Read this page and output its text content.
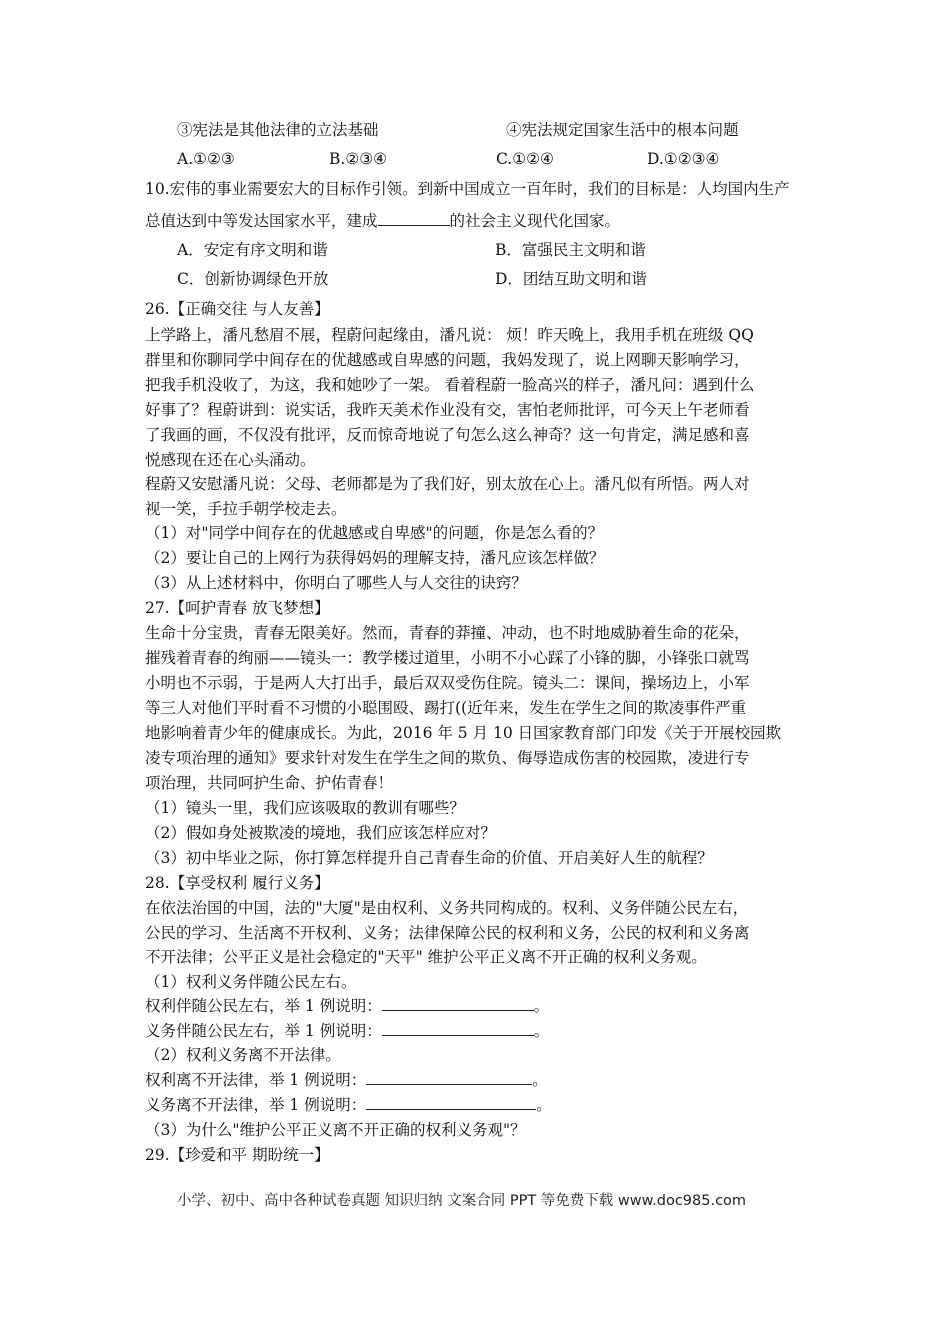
③宪法是其他法律的立法基础	④宪法规定国家生活中的根本问题
A.①②③	B.②③④	C.①②④	D.①②③④
10.宏伟的事业需要宏大的目标作引领。到新中国成立一百年时，我们的目标是：人均国内生产
总值达到中等发达国家水平，建成	的社会主义现代化国家。
A．安定有序文明和谐	B．富强民主文明和谐
C．创新协调绿色开放	D．团结互助文明和谐
26.【正确交往 与人友善】
上学路上，潘凡愁眉不展，程蔚问起缘由，潘凡说： 烦！昨天晚上，我用手机在班级 QQ
群里和你聊同学中间存在的优越感或自卑感的问题，我妈发现了，说上网聊天影响学习，
把我手机没收了，为这，我和她吵了一架。 看着程蔚一脸高兴的样子，潘凡问：遇到什么
好事了？程蔚讲到：说实话，我昨天美术作业没有交，害怕老师批评，可今天上午老师看
了我画的画，不仅没有批评，反而惊奇地说了句怎么这么神奇？这一句肯定，满足感和喜
悦感现在还在心头涌动。
程蔚又安慰潘凡说：父母、老师都是为了我们好，别太放在心上。潘凡似有所悟。两人对
视一笑，手拉手朝学校走去。
（1）对"同学中间存在的优越感或自卑感"的问题，你是怎么看的？
（2）要让自己的上网行为获得妈妈的理解支持，潘凡应该怎样做？
（3）从上述材料中，你明白了哪些人与人交往的诀窍？
27.【呵护青春 放飞梦想】
生命十分宝贵，青春无限美好。然而，青春的莽撞、冲动，也不时地威胁着生命的花朵，
摧残着青春的绚丽——镜头一：教学楼过道里，小明不小心踩了小锋的脚，小锋张口就骂
小明也不示弱，于是两人大打出手，最后双双受伤住院。镜头二：课间，操场边上，小军
等三人对他们平时看不习惯的小聪围殴、踢打((近年来，发生在学生之间的欺凌事件严重
地影响着青少年的健康成长。为此，2016 年 5 月 10 日国家教育部门印发《关于开展校园欺
凌专项治理的通知》要求针对发生在学生之间的欺负、侮辱造成伤害的校园欺，凌进行专
项治理，共同呵护生命、护佑青春！
（1）镜头一里，我们应该吸取的教训有哪些？
（2）假如身处被欺凌的境地，我们应该怎样应对？
（3）初中毕业之际，你打算怎样提升自己青春生命的价值、开启美好人生的航程？
28.【享受权利 履行义务】
在依法治国的中国，法的"大厦"是由权利、义务共同构成的。权利、义务伴随公民左右，
公民的学习、生活离不开权利、义务；法律保障公民的权利和义务，公民的权利和义务离
不开法律；公平正义是社会稳定的"天平" 维护公平正义离不开正确的权利义务观。
（1）权利义务伴随公民左右。
权利伴随公民左右，举 1 例说明：	。
义务伴随公民左右，举 1 例说明：	。
（2）权利义务离不开法律。
权利离不开法律，举 1 例说明：	。
义务离不开法律，举 1 例说明：	。
（3）为什么"维护公平正义离不开正确的权利义务观"？
29.【珍爱和平 期盼统一】
小学、初中、高中各种试卷真题 知识归纳 文案合同 PPT 等免费下载 www.doc985.com
